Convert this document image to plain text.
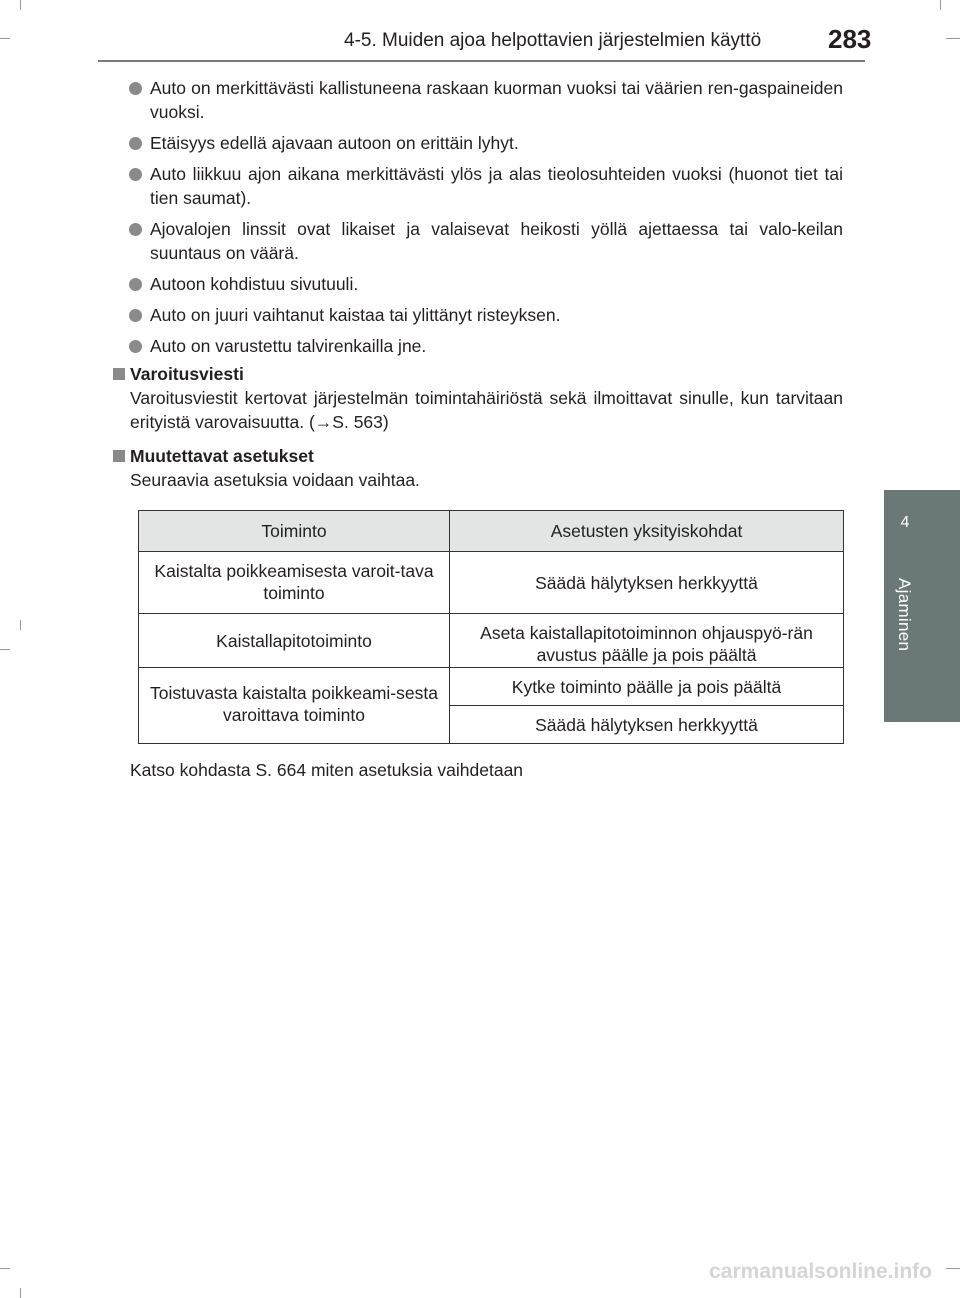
4-5. Muiden ajoa helpottavien järjestelmien käyttö	283
4
Ajaminen
Auto on merkittävästi kallistuneena raskaan kuorman vuoksi tai väärien ren-gaspaineiden vuoksi.
Etäisyys edellä ajavaan autoon on erittäin lyhyt.
Auto liikkuu ajon aikana merkittävästi ylös ja alas tieolosuhteiden vuoksi (huonot tiet tai tien saumat).
Ajovalojen linssit ovat likaiset ja valaisevat heikosti yöllä ajettaessa tai valo-keilan suuntaus on väärä.
Autoon kohdistuu sivutuuli.
Auto on juuri vaihtanut kaistaa tai ylittänyt risteyksen.
Auto on varustettu talvirenkailla jne.
Varoitusviesti
Varoitusviestit kertovat järjestelmän toimintahäiriöstä sekä ilmoittavat sinulle, kun tarvitaan erityistä varovaisuutta. (→S. 563)
Muutettavat asetukset
Seuraavia asetuksia voidaan vaihtaa.
Toiminto	Asetusten yksityiskohdat
Kaistalta poikkeamisesta varoit-tava toiminto	Säädä hälytyksen herkkyyttä
Kaistallapitotoiminto	Aseta kaistallapitotoiminnon ohjauspyö-rän avustus päälle ja pois päältä
Toistuvasta kaistalta poikkeami-sesta varoittava toiminto	Kytke toiminto päälle ja pois päältä
	Säädä hälytyksen herkkyyttä
Katso kohdasta S. 664 miten asetuksia vaihdetaan
carmanualsonline.info
